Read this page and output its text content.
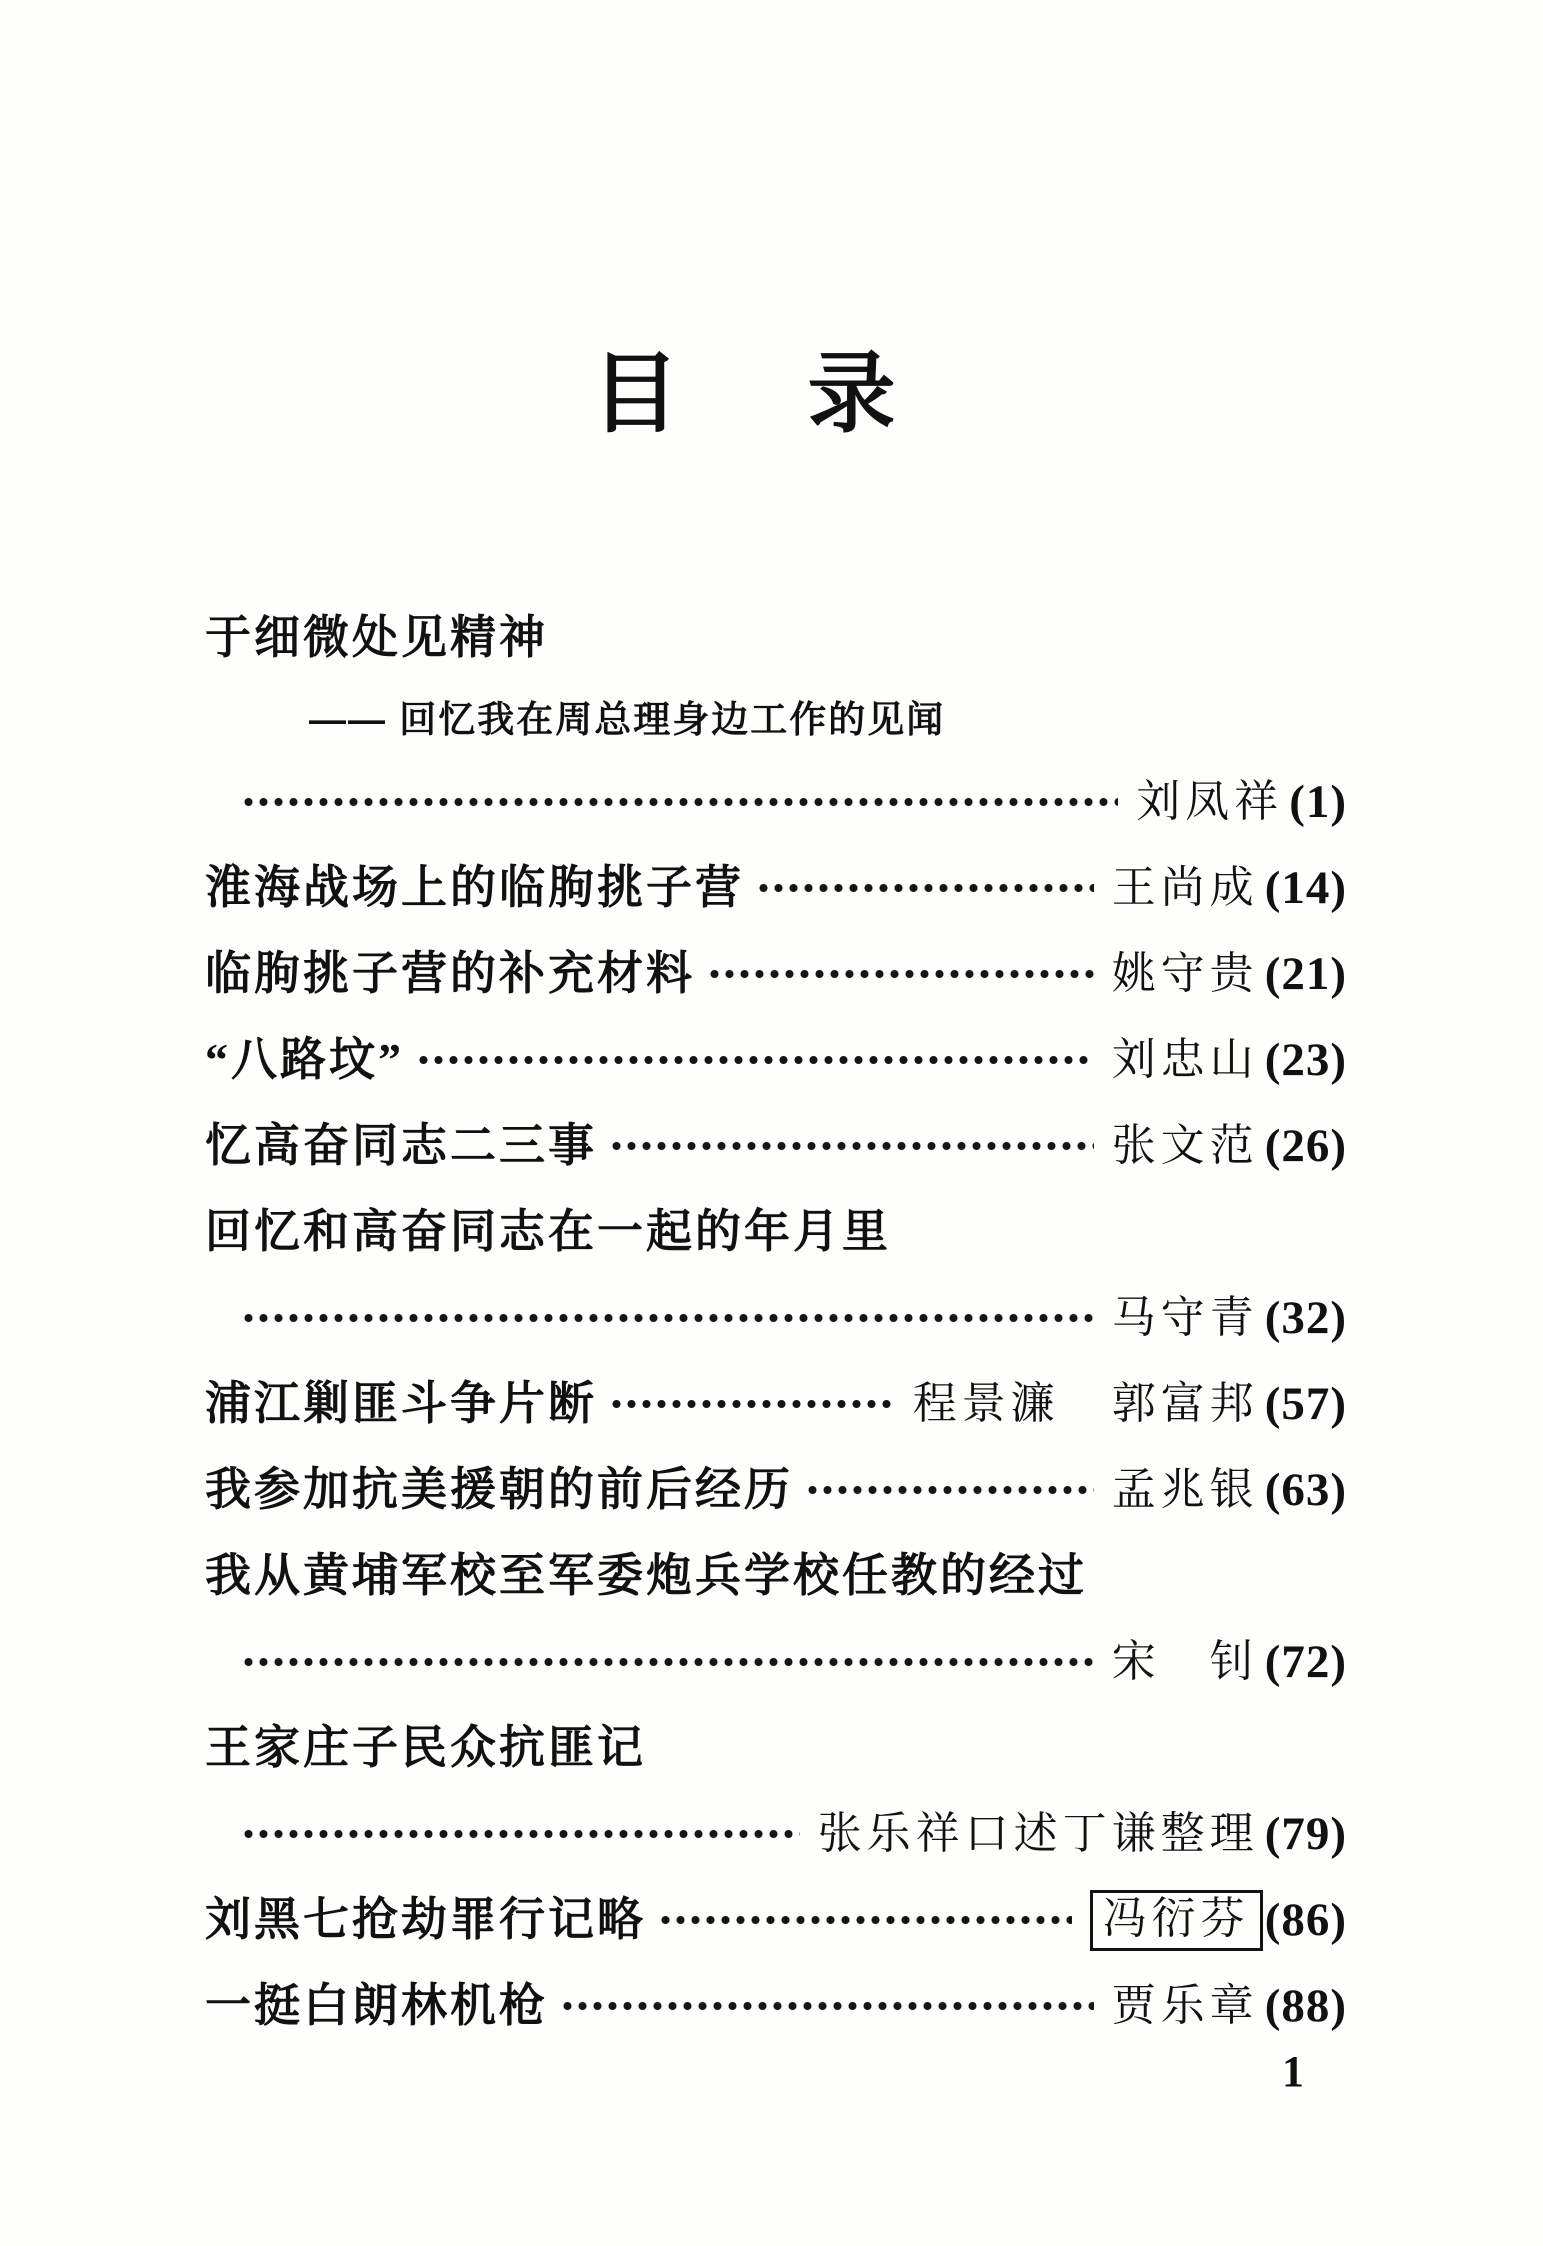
目 录
于细微处见精神
—— 回忆我在周总理身边工作的见闻
刘凤祥 (1)
淮海战场上的临朐挑子营	王尚成 (14)
临朐挑子营的补充材料	姚守贵 (21)
“八路坟”	刘忠山 (23)
忆高奋同志二三事	张文范 (26)
回忆和高奋同志在一起的年月里
马守青 (32)
浦江剿匪斗争片断	程景濂 郭富邦 (57)
我参加抗美援朝的前后经历	孟兆银 (63)
我从黄埔军校至军委炮兵学校任教的经过
宋　钊 (72)
王家庄子民众抗匪记
张乐祥口述丁谦整理 (79)
刘黑七抢劫罪行记略	冯衍芬 (86)
一挺白朗林机枪	贾乐章 (88)
1
